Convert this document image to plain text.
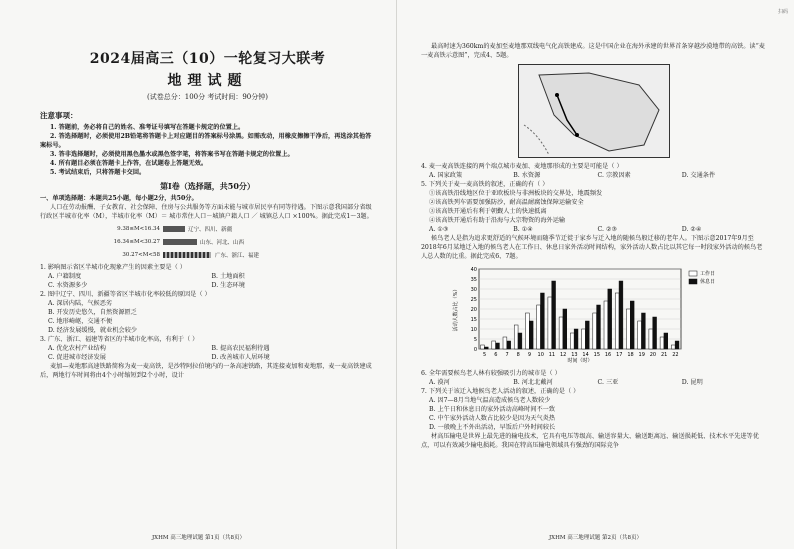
2024届高三（10）一轮复习大联考
地理试题
(试卷总分：100分 考试时间：90分钟)
注意事项：

1. 答题前，务必将自己的姓名、准考证号填写在答题卡规定的位置上。

2. 答选择题时，必须使用2B铅笔将答题卡上对应题目的答案标号涂黑。如需改动，用橡皮擦擦干净后，再选涂其他答案标号。

3. 答非选择题时，必须使用黑色墨水或黑色签字笔，将答案书写在答题卡规定的位置上。

4. 所有题目必须在答题卡上作答，在试题卷上答题无效。

5. 考试结束后，只将答题卡交回。

第Ⅰ卷（选择题，共50分）

一、单项选择题：本题共25小题，每小题2分，共50分。

人口在劳动报酬、子女教育、社会保障、住房与公共服务等方面未能与城市居民享有同等待遇。下图示意我国部分省级行政区半城市化率（M），半城市化率（M）＝ 城市常住人口－城镇户籍人口 ／ 城镇总人口 ×100%。据此完成1～3题。

9.38≤M<16.34	辽宁、四川、新疆
16.34≤M<30.27	山东、河北、山西
30.27<M<58	广东、浙江、福建

1. 影响图示省区半城市化现象产生的因素主要是（ ）

A. 户籍制度	B. 土地面积
C. 水资源多少	D. 生态环境

2. 图中辽宁、四川、新疆等省区半城市化率较低的原因是（ ）

A. 深居内陆，气候恶劣

B. 开发历史悠久，自然资源匮乏

C. 地形崎岖，交通不便

D. 经济发展缓慢，就业机会较少

3. 广东、浙江、福建等省区的半城市化率高，有利于（ ）

A. 优化农村产业结构	B. 提高农民福利待遇
C. 促进城市经济发展	D. 改善城市人居环境

麦加—麦地那高速铁路简称为麦一麦高铁，是沙特阿拉伯境内的一条高速铁路，其连接麦加和麦地那，麦一麦高铁建成后，两地行车时间将由4个小时缩短到2个小时，设计

JXHM 高三地理试题 第1页（共8页）
扫码

最高时速为360km的麦加至麦地那双线电气化高铁建成。这是中国企业在海外承建的世界首条穿越沙漠地带的高铁。读“麦一麦高铁示意图”，完成4、5题。

4. 麦一麦高铁连接的两个端点城市麦加、麦地那形成的主要是可能是（ ）

A. 国家政策	B. 水资源	C. 宗教因素	D. 交通条件

5. 下列关于麦一麦高铁的叙述，正确的有（ ）

①该高铁沿线地区位于亚欧板块与非洲板块的交界处，地震频发

②该高铁列车需要加强防沙，耐高温耐腐蚀保障运输安全

③该高铁开通后有利于朝觐人士的快速抵离

④该高铁开通后有助于沿海与大宗物资的海外运输

A. ①③	B. ①④	C. ②③	D. ②④

候鸟老人是指为追求更舒适的气候环境而随季节迁徙于家乡与迁入地的随候鸟般迁移的老年人。下图示意2017年9月至2018年6月某地迁入地的候鸟老人在工作日、休息日家外活动时间结构，家外活动人数占比以其它每一时段家外活动的候鸟老人总人数的比重。据此完成6、7题。

0
5
10
15
20
25
30
35
40
5 6 7 8 9 10 11 12 13 14 15 16 17 18 19 20 21 22
时间（时）
活动人数占比（%）
工作日
休息日

6. 全年需要候鸟老人林有较强吸引力的城市是（ ）

A. 漠河	B. 河北北戴河	C. 三亚	D. 昆明

7. 下列关于该迁入地候鸟老人活动的叙述，正确的是（ ）

A. 因7—8月当地气温高造成候鸟老人数较少

B. 上午日和休息日的家外活动高峰时间不一致

C. 中午家外活动人数占比较少是因为天气炎热

D. 一般晚上不外出活动，早饭后户外时间较长

材高压输电是世界上最先进的输电技术，它具有电压等级高、输送容量大、输送距离远、输送损耗低、技术水平先进等优点，可以有效减少输电损耗。我国在特高压输电领域具有强劲的国际竞争

JXHM 高三地理试题 第2页（共8页）
